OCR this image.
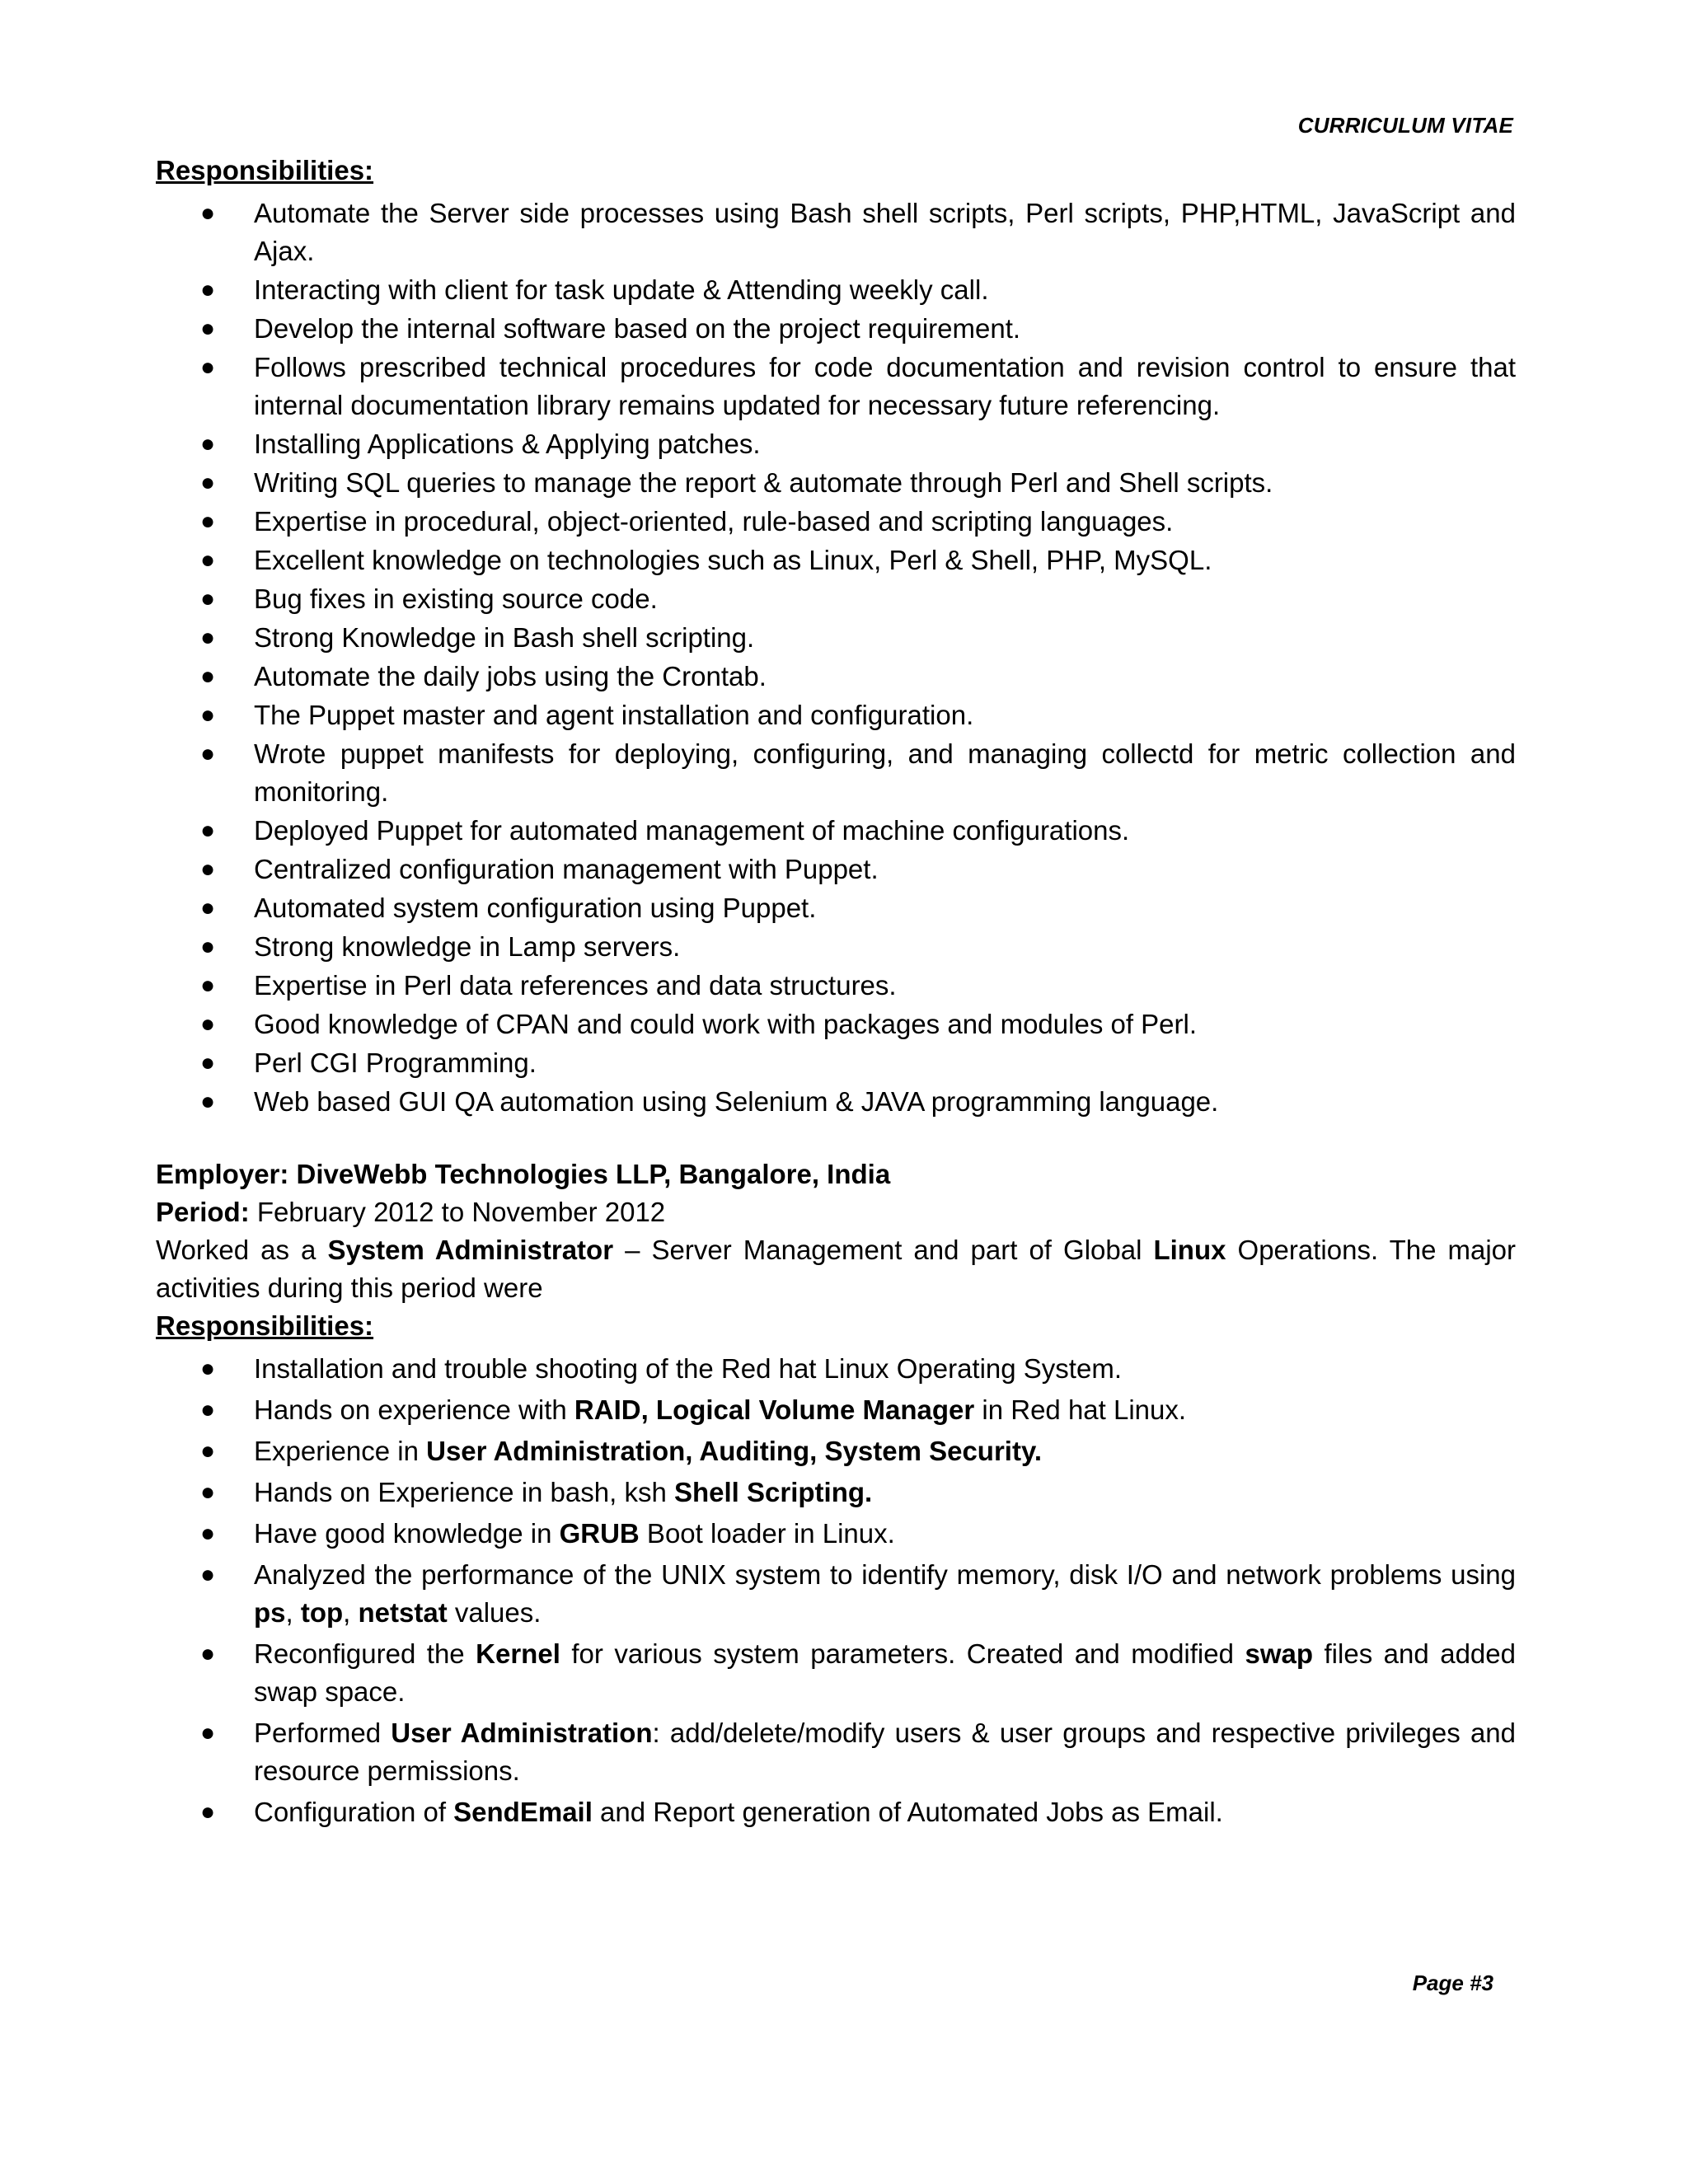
CURRICULUM VITAE

Responsibilities:

● Automate the Server side processes using Bash shell scripts, Perl scripts, PHP,HTML, JavaScript and Ajax.
● Interacting with client for task update & Attending weekly call.
● Develop the internal software based on the project requirement.
● Follows prescribed technical procedures for code documentation and revision control to ensure that internal documentation library remains updated for necessary future referencing.
● Installing Applications & Applying patches.
● Writing SQL queries to manage the report & automate through Perl and Shell scripts.
● Expertise in procedural, object-oriented, rule-based and scripting languages.
● Excellent knowledge on technologies such as Linux, Perl & Shell, PHP, MySQL.
● Bug fixes in existing source code.
● Strong Knowledge in Bash shell scripting.
● Automate the daily jobs using the Crontab.
● The Puppet master and agent installation and configuration.
● Wrote puppet manifests for deploying, configuring, and managing collectd for metric collection and monitoring.
● Deployed Puppet for automated management of machine configurations.
● Centralized configuration management with Puppet.
● Automated system configuration using Puppet.
● Strong knowledge in Lamp servers.
● Expertise in Perl data references and data structures.
● Good knowledge of CPAN and could work with packages and modules of Perl.
● Perl CGI Programming.
● Web based GUI QA automation using Selenium & JAVA programming language.

Employer: DiveWebb Technologies LLP, Bangalore, India

Period: February 2012 to November 2012

Worked as a System Administrator – Server Management and part of Global Linux Operations. The major activities during this period were

Responsibilities:

● Installation and trouble shooting of the Red hat Linux Operating System.
● Hands on experience with RAID, Logical Volume Manager in Red hat Linux.
● Experience in User Administration, Auditing, System Security.
● Hands on Experience in bash, ksh Shell Scripting.
● Have good knowledge in GRUB Boot loader in Linux.
● Analyzed the performance of the UNIX system to identify memory, disk I/O and network problems using ps, top, netstat values.
● Reconfigured the Kernel for various system parameters. Created and modified swap files and added swap space.
● Performed User Administration: add/delete/modify users & user groups and respective privileges and resource permissions.
● Configuration of SendEmail and Report generation of Automated Jobs as Email.
Page #3
